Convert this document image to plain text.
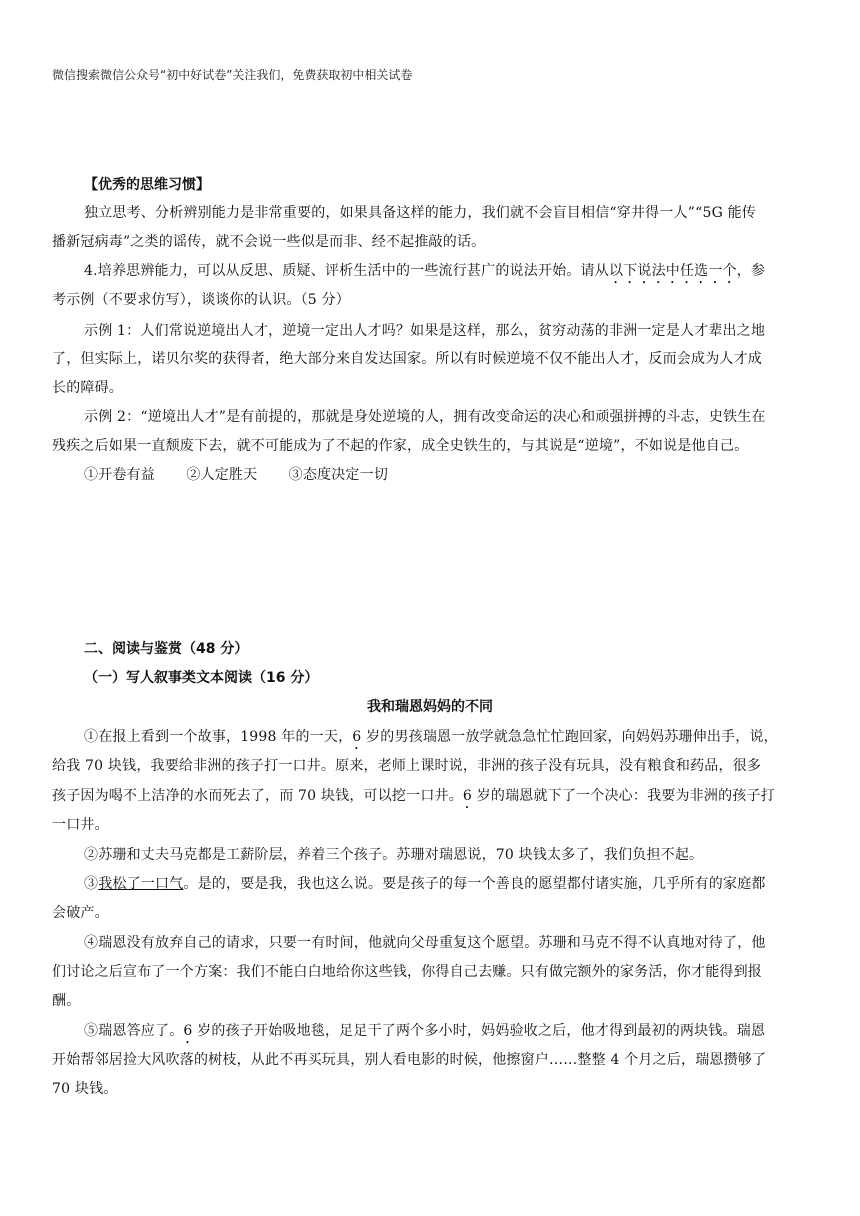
微信搜索微信公众号“初中好试卷”关注我们，免费获取初中相关试卷
【优秀的思维习惯】
独立思考、分析辨别能力是非常重要的，如果具备这样的能力，我们就不会盲目相信“穿井得一人”“5G 能传
播新冠病毒”之类的谣传，就不会说一些似是而非、经不起推敲的话。
4.培养思辨能力，可以从反思、质疑、评析生活中的一些流行甚广的说法开始。请从以下说法中任选一个，参
考示例（不要求仿写），谈谈你的认识。（5 分）
示例 1：人们常说逆境出人才，逆境一定出人才吗？如果是这样，那么，贫穷动荡的非洲一定是人才辈出之地
了，但实际上，诺贝尔奖的获得者，绝大部分来自发达国家。所以有时候逆境不仅不能出人才，反而会成为人才成
长的障碍。
示例 2：“逆境出人才”是有前提的，那就是身处逆境的人，拥有改变命运的决心和顽强拼搏的斗志，史铁生在
残疾之后如果一直颓废下去，就不可能成为了不起的作家，成全史铁生的，与其说是“逆境”，不如说是他自己。
①开卷有益 ②人定胜天 ③态度决定一切
二、阅读与鉴赏（48 分）
（一）写人叙事类文本阅读（16 分）
我和瑞恩妈妈的不同
①在报上看到一个故事，1998 年的一天，6 岁的男孩瑞恩一放学就急急忙忙跑回家，向妈妈苏珊伸出手，说，
给我 70 块钱，我要给非洲的孩子打一口井。原来，老师上课时说，非洲的孩子没有玩具，没有粮食和药品，很多
孩子因为喝不上洁净的水而死去了，而 70 块钱，可以挖一口井。6 岁的瑞恩就下了一个决心：我要为非洲的孩子打
一口井。
②苏珊和丈夫马克都是工薪阶层，养着三个孩子。苏珊对瑞恩说，70 块钱太多了，我们负担不起。
③我松了一口气。是的，要是我，我也这么说。要是孩子的每一个善良的愿望都付诸实施，几乎所有的家庭都
会破产。
④瑞恩没有放弃自己的请求，只要一有时间，他就向父母重复这个愿望。苏珊和马克不得不认真地对待了，他
们讨论之后宣布了一个方案：我们不能白白地给你这些钱，你得自己去赚。只有做完额外的家务活，你才能得到报
酬。
⑤瑞恩答应了。6 岁的孩子开始吸地毯，足足干了两个多小时，妈妈验收之后，他才得到最初的两块钱。瑞恩
开始帮邻居捡大风吹落的树枝，从此不再买玩具，别人看电影的时候，他擦窗户……整整 4 个月之后，瑞恩攒够了
70 块钱。
